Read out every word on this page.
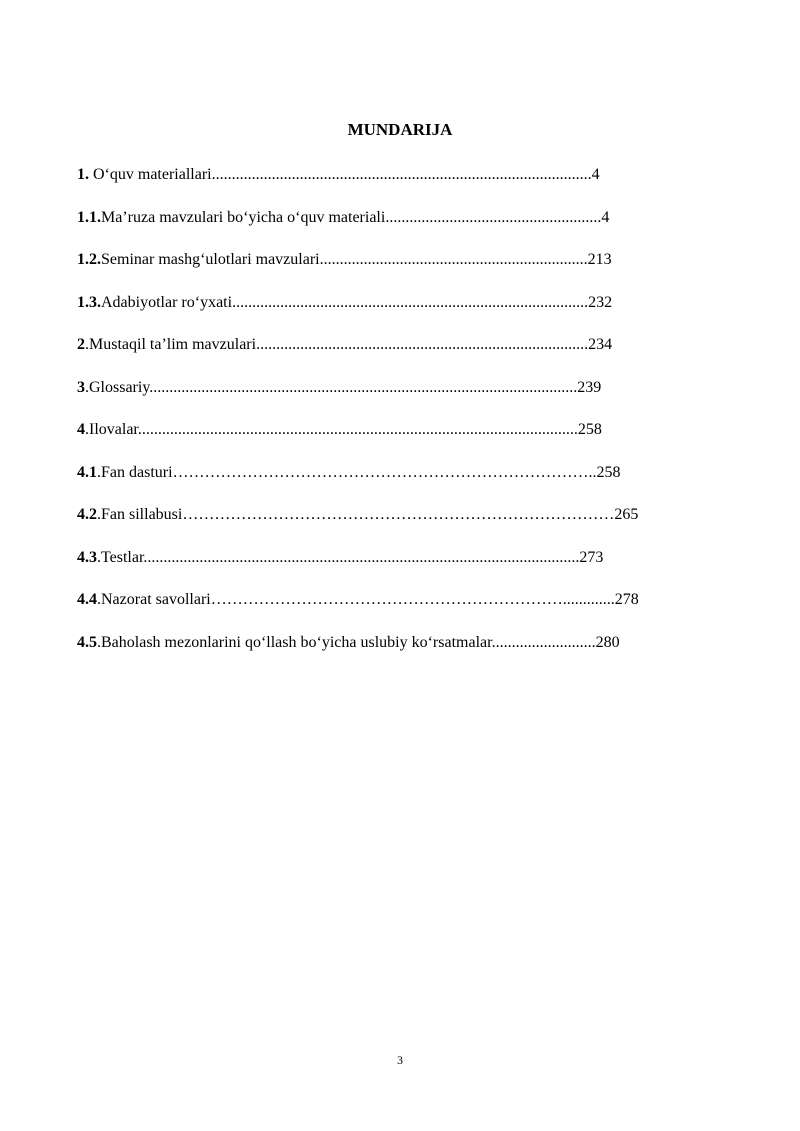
MUNDARIJA
1. O‘quv materiallari...............................................................................................4
1.1.Ma’ruza mavzulari bo‘yicha o‘quv materiali......................................................4
1.2.Seminar mashg‘ulotlari mavzulari...................................................................213
1.3.Adabiyotlar ro‘yxati.........................................................................................232
2.Mustaqil ta’lim mavzulari...................................................................................234
3.Glossariy...........................................................................................................239
4.Ilovalar..............................................................................................................258
4.1.Fan dasturi……………………………………………………………………..258
4.2.Fan sillabusi………………………………………………………………………265
4.3.Testlar.............................................................................................................273
4.4.Nazorat savollari………………………………………………………….............278
4.5.Baholash mezonlarini qo‘llash bo‘yicha uslubiy ko‘rsatmalar..........................280
3
